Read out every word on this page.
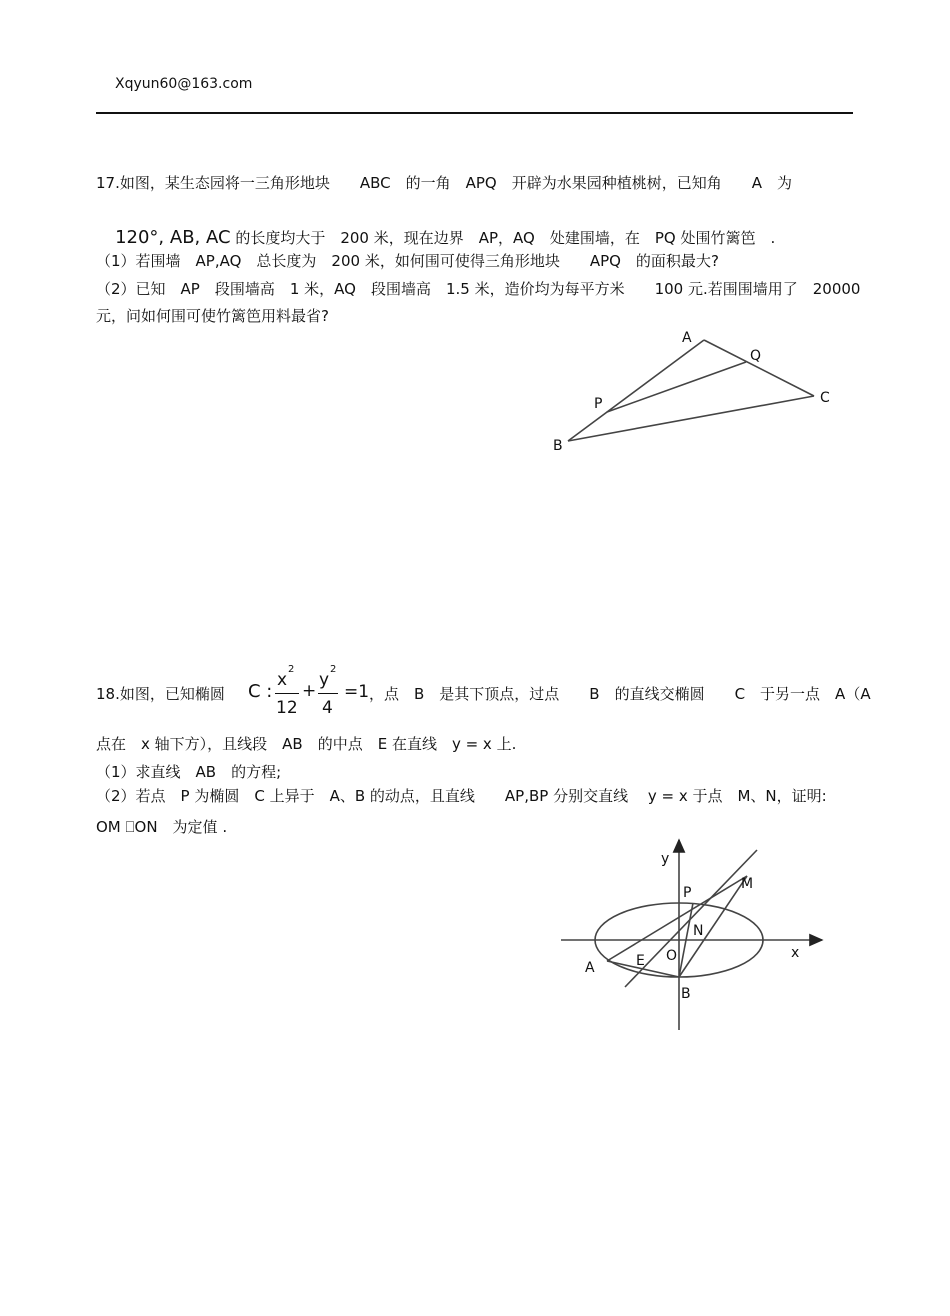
Xqyun60@163.com
17.如图，某生态园将一三角形地块　　ABC　的一角　APQ　开辟为水果园种植桃树，已知角　　A　为

120°, AB, AC 的长度均大于　200 米，现在边界　AP，AQ　处建围墙，在　PQ 处围竹篱笆　.

（1）若围墙　AP,AQ　总长度为　200 米，如何围可使得三角形地块　　APQ　的面积最大?
（2）已知　AP　段围墙高　1 米，AQ　段围墙高　1.5 米，造价均为每平方米　　100 元.若围围墙用了　20000
元，问如何围可使竹篱笆用料最省?
A
Q
P	C
B
18.如图，已知椭圆 C :
x
2
12
+
y
2
4
=1 ，点　B　是其下顶点，过点　　B　的直线交椭圆　　C　于另一点　A（A
点在　x 轴下方），且线段　AB　的中点　E 在直线　y = x 上.
（1）求直线　AB　的方程;
（2）若点　P 为椭圆　C 上异于　A、B 的动点，且直线　　AP,BP 分别交直线　 y = x 于点　M、N，证明:
OM ⎕ON　为定值 .
y
x
P
M
N
O
E
A
B
